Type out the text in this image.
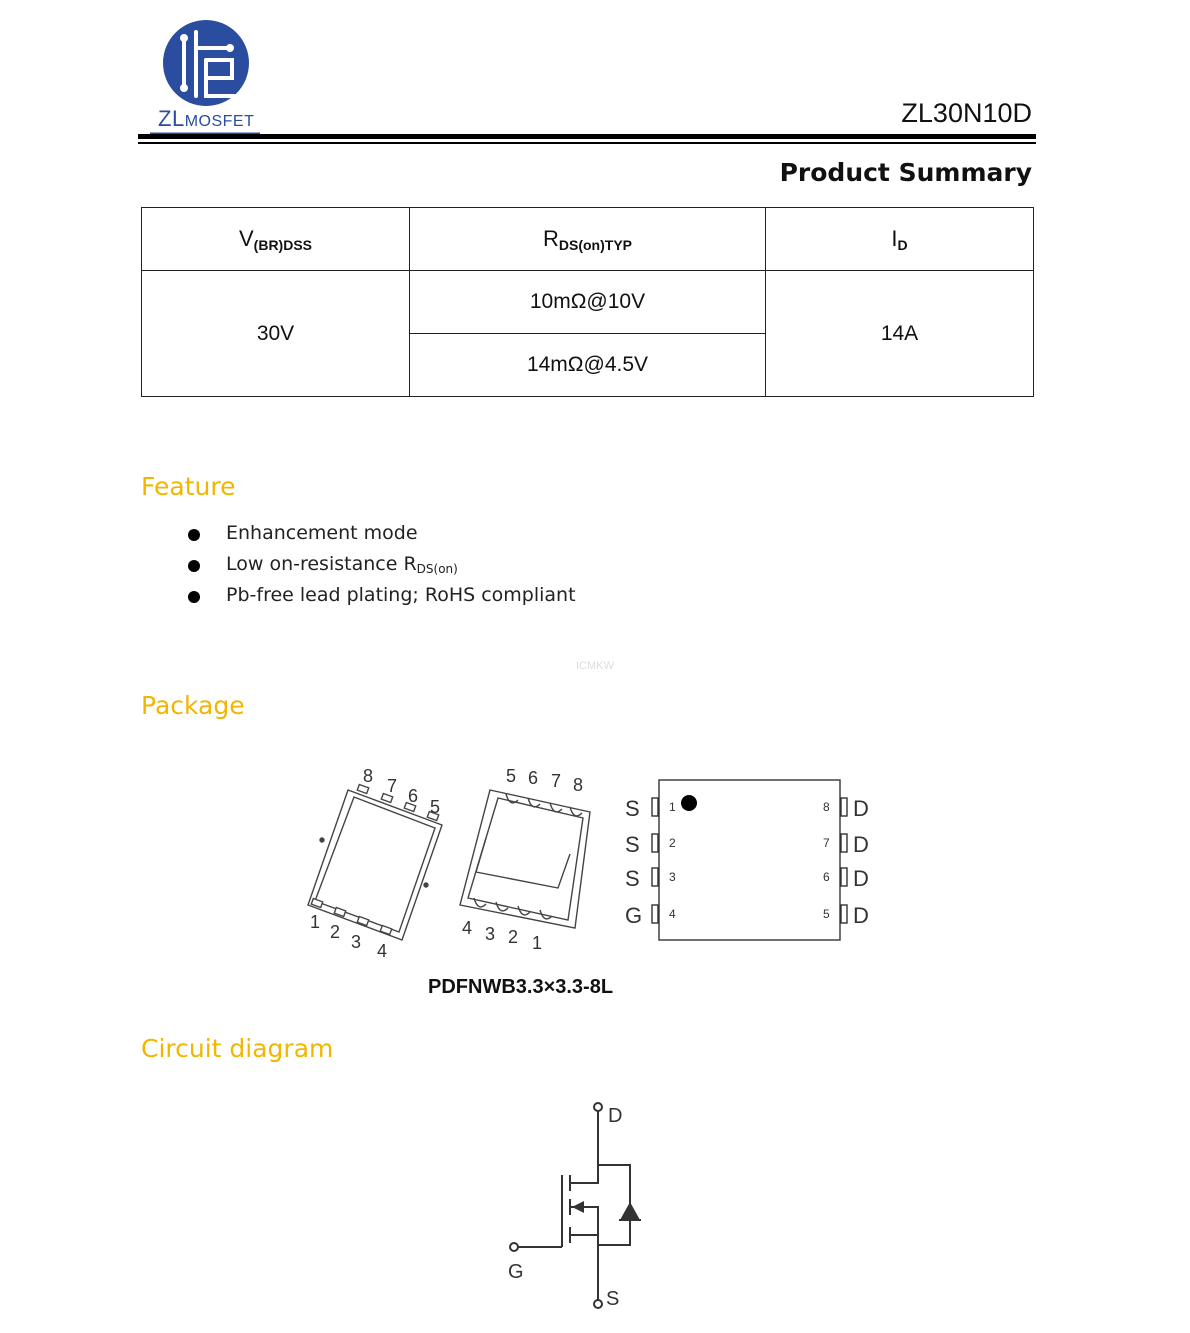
ZLMOSFET	ZL30N10D
Product Summary
$V_{(BR)DSS}$	$R_{DS(on)TYP}$	$I_D$
30V	10mΩ@10V	14A
	14mΩ@4.5V	
Feature
Enhancement mode
Low on-resistance $R_{DS(on)}$
Pb-free lead plating; RoHS compliant
ICMKW
Package
8 7 6
5
1 2 3 4
5 6 7 8
4 3 2 1
S
S
S
G
1
2
3
4
8
7
6
5
D
D
D
D
PDFNWB3.3×3.3-8L
Circuit diagram
D
G
S
